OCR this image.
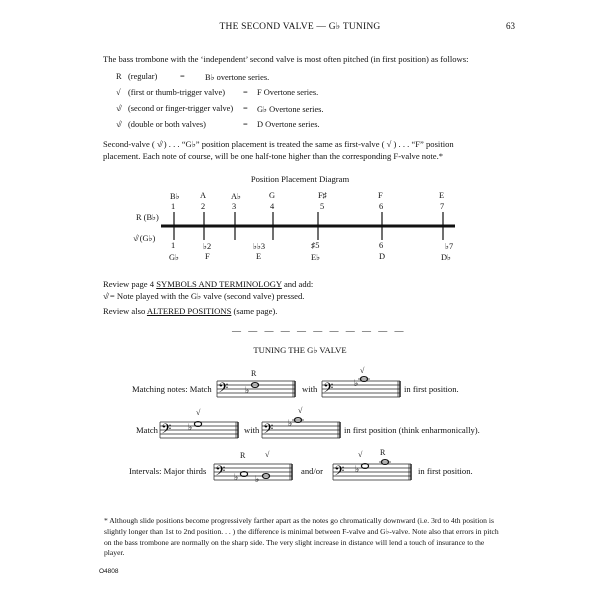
THE SECOND VALVE — G♭ TUNING	63
The bass trombone with the ‘independent’ second valve is most often pitched (in first position) as follows:
R (regular)	= B♭ overtone series.
√ (first or thumb-trigger valve) = F Overtone series.
√̸ (second or finger-trigger valve) = G♭ Overtone series.
√̸ (double or both valves)	= D Overtone series.
Second-valve ( √̸ ) . . . “G♭” position placement is treated the same as first-valve ( √ ) . . . “F” position
placement. Each note of course, will be one half-tone higher than the corresponding F-valve note.*
Position Placement Diagram
B♭ A	A♭	G	F♯	F	E
1	2	3	4	5	6	7
R (B♭)
√̸ (G♭)
1	♭2	♭♭3	♯5	6	♭7
G♭	F	E	E♭	D	D♭
Review page 4 SYMBOLS AND TERMINOLOGY and add:
√̸ = Note played with the G♭ valve (second valve) pressed.
Review also ALTERED POSITIONS (same page).
— — — — — — — — — — —
TUNING THE G♭ VALVE
Matching notes: Match 𝄢 ♭
R
with 𝄢 ♭
√
in first position.
Match 𝄢 ♭
√
with 𝄢 ♭
√
in first position (think enharmonically).
Intervals: Major thirds 𝄢 ♭ ♭
R √
and/or 𝄢 ♭
√ R
in first position.
* Although slide positions become progressively farther apart as the notes go chromatically downward (i.e. 3rd to 4th position is slightly longer than 1st to 2nd position. . . ) the difference is minimal between F-valve and G♭-valve. Note also that errors in pitch on the bass trombone are normally on the sharp side. The very slight increase in distance will lend a touch of insurance to the player.
O4808
